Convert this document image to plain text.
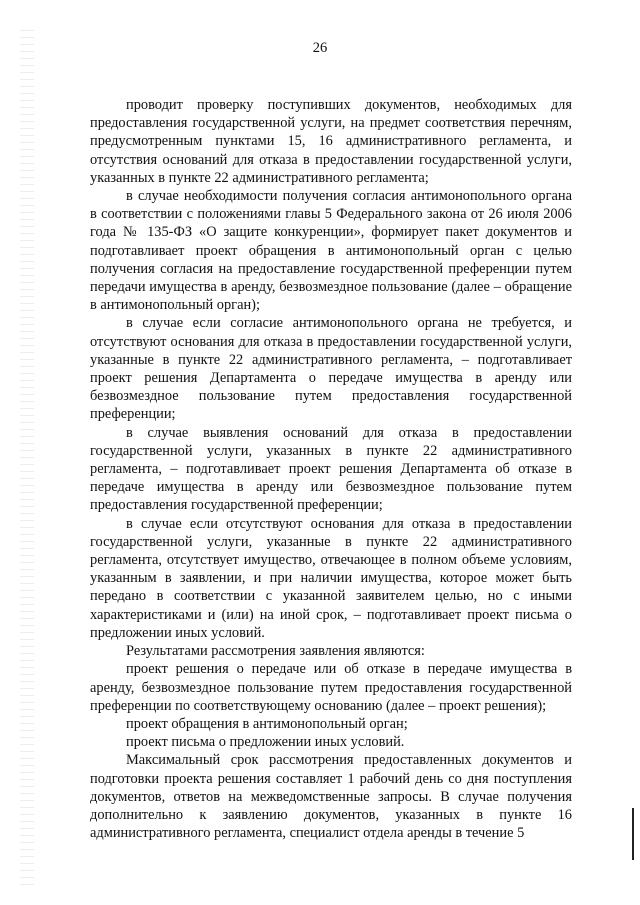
26

проводит проверку поступивших документов, необходимых для предоставления государственной услуги, на предмет соответствия перечням, предусмотренным пунктами 15, 16 административного регламента, и отсутствия оснований для отказа в предоставлении государственной услуги, указанных в пункте 22 административного регламента;

в случае необходимости получения согласия антимонопольного органа в соответствии с положениями главы 5 Федерального закона от 26 июля 2006 года № 135-ФЗ «О защите конкуренции», формирует пакет документов и подготавливает проект обращения в антимонопольный орган с целью получения согласия на предоставление государственной преференции путем передачи имущества в аренду, безвозмездное пользование (далее – обращение в антимонопольный орган);

в случае если согласие антимонопольного органа не требуется, и отсутствуют основания для отказа в предоставлении государственной услуги, указанные в пункте 22 административного регламента, – подготавливает проект решения Департамента о передаче имущества в аренду или безвозмездное пользование путем предоставления государственной преференции;

в случае выявления оснований для отказа в предоставлении государственной услуги, указанных в пункте 22 административного регламента, – подготавливает проект решения Департамента об отказе в передаче имущества в аренду или безвозмездное пользование путем предоставления государственной преференции;

в случае если отсутствуют основания для отказа в предоставлении государственной услуги, указанные в пункте 22 административного регламента, отсутствует имущество, отвечающее в полном объеме условиям, указанным в заявлении, и при наличии имущества, которое может быть передано в соответствии с указанной заявителем целью, но с иными характеристиками и (или) на иной срок, – подготавливает проект письма о предложении иных условий.

Результатами рассмотрения заявления являются:

проект решения о передаче или об отказе в передаче имущества в аренду, безвозмездное пользование путем предоставления государственной преференции по соответствующему основанию (далее – проект решения);

проект обращения в антимонопольный орган;

проект письма о предложении иных условий.

Максимальный срок рассмотрения предоставленных документов и подготовки проекта решения составляет 1 рабочий день со дня поступления документов, ответов на межведомственные запросы. В случае получения дополнительно к заявлению документов, указанных в пункте 16 административного регламента, специалист отдела аренды в течение 5
